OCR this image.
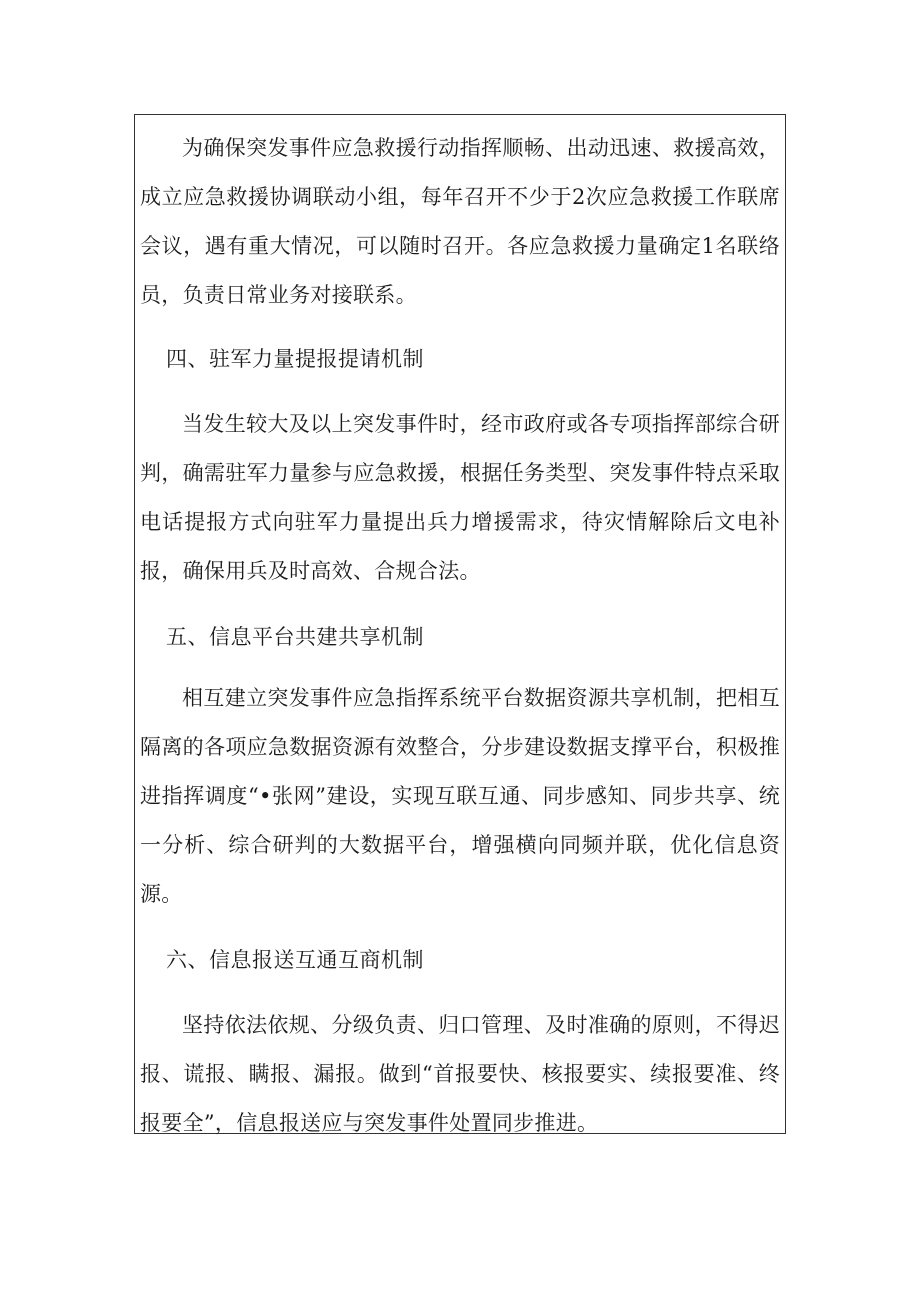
为确保突发事件应急救援行动指挥顺畅、出动迅速、救援高效，成立应急救援协调联动小组，每年召开不少于2次应急救援工作联席会议，遇有重大情况，可以随时召开。各应急救援力量确定1名联络员，负责日常业务对接联系。

四、驻军力量提报提请机制

当发生较大及以上突发事件时，经市政府或各专项指挥部综合研判，确需驻军力量参与应急救援，根据任务类型、突发事件特点采取电话提报方式向驻军力量提出兵力增援需求，待灾情解除后文电补报，确保用兵及时高效、合规合法。

五、信息平台共建共享机制

相互建立突发事件应急指挥系统平台数据资源共享机制，把相互隔离的各项应急数据资源有效整合，分步建设数据支撑平台，积极推进指挥调度“•张网”建设，实现互联互通、同步感知、同步共享、统一分析、综合研判的大数据平台，增强横向同频并联，优化信息资源。

六、信息报送互通互商机制

坚持依法依规、分级负责、归口管理、及时准确的原则，不得迟报、谎报、瞒报、漏报。做到“首报要快、核报要实、续报要准、终报要全”，信息报送应与突发事件处置同步推进。
